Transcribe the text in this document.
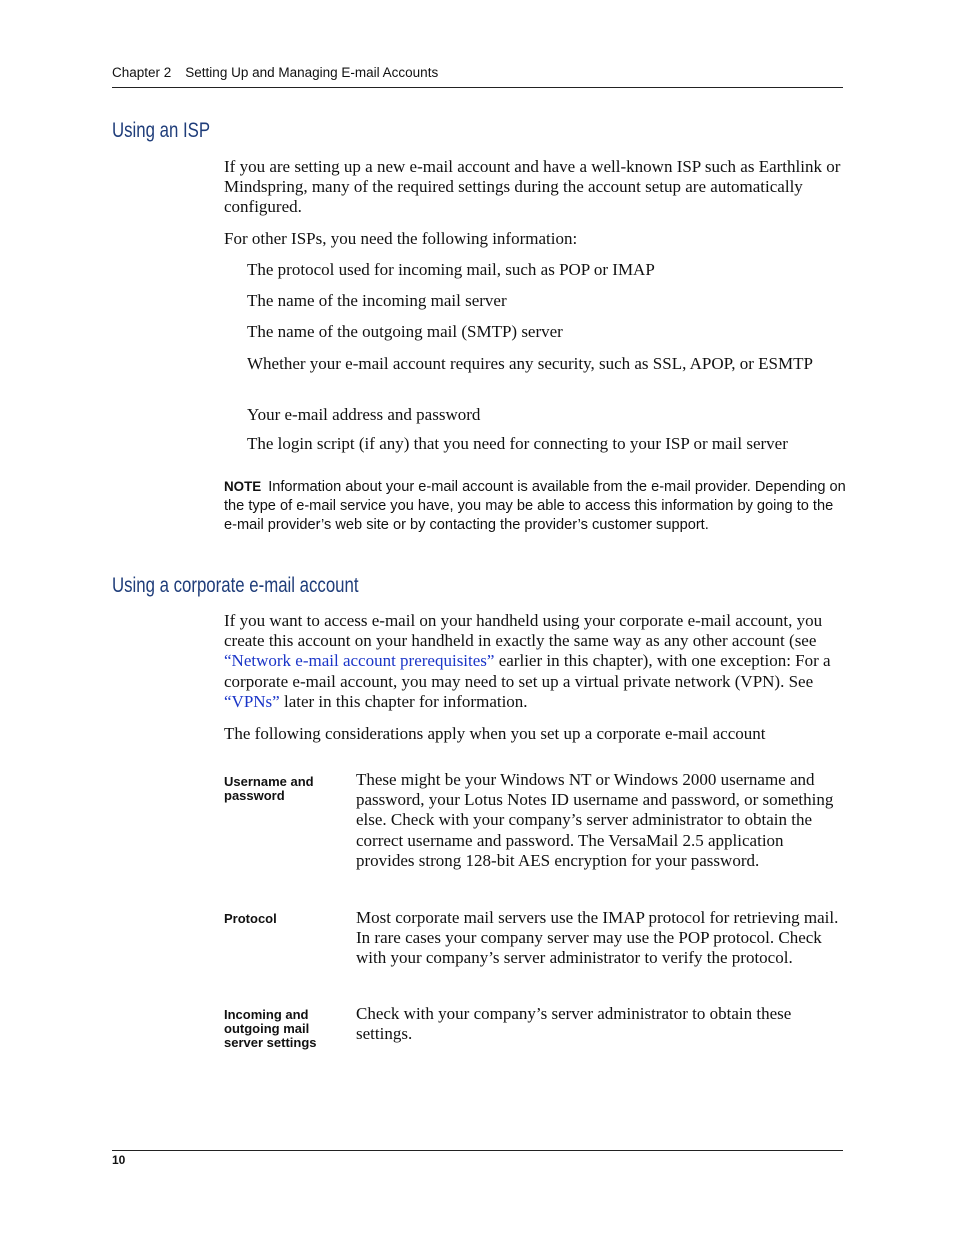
Chapter 2 Setting Up and Managing E-mail Accounts
Using an ISP

If you are setting up a new e-mail account and have a well-known ISP such as Earthlink or Mindspring, many of the required settings during the account setup are automatically configured.

For other ISPs, you need the following information:

The protocol used for incoming mail, such as POP or IMAP
The name of the incoming mail server
The name of the outgoing mail (SMTP) server
Whether your e-mail account requires any security, such as SSL, APOP, or ESMTP
Your e-mail address and password
The login script (if any) that you need for connecting to your ISP or mail server
NOTE Information about your e-mail account is available from the e-mail provider. Depending on the type of e-mail service you have, you may be able to access this information by going to the e-mail provider’s web site or by contacting the provider’s customer support.
Using a corporate e-mail account

If you want to access e-mail on your handheld using your corporate e-mail account, you create this account on your handheld in exactly the same way as any other account (see “Network e-mail account prerequisites” earlier in this chapter), with one exception: For a corporate e-mail account, you may need to set up a virtual private network (VPN). See “VPNs” later in this chapter for information.

The following considerations apply when you set up a corporate e-mail account

Username and password
These might be your Windows NT or Windows 2000 username and password, your Lotus Notes ID username and password, or something else. Check with your company’s server administrator to obtain the correct username and password. The VersaMail 2.5 application provides strong 128-bit AES encryption for your password.
Protocol	Most corporate mail servers use the IMAP protocol for retrieving mail. In rare cases your company server may use the POP protocol. Check with your company’s server administrator to verify the protocol.
Incoming and outgoing mail server settings
Check with your company’s server administrator to obtain these settings.
10
